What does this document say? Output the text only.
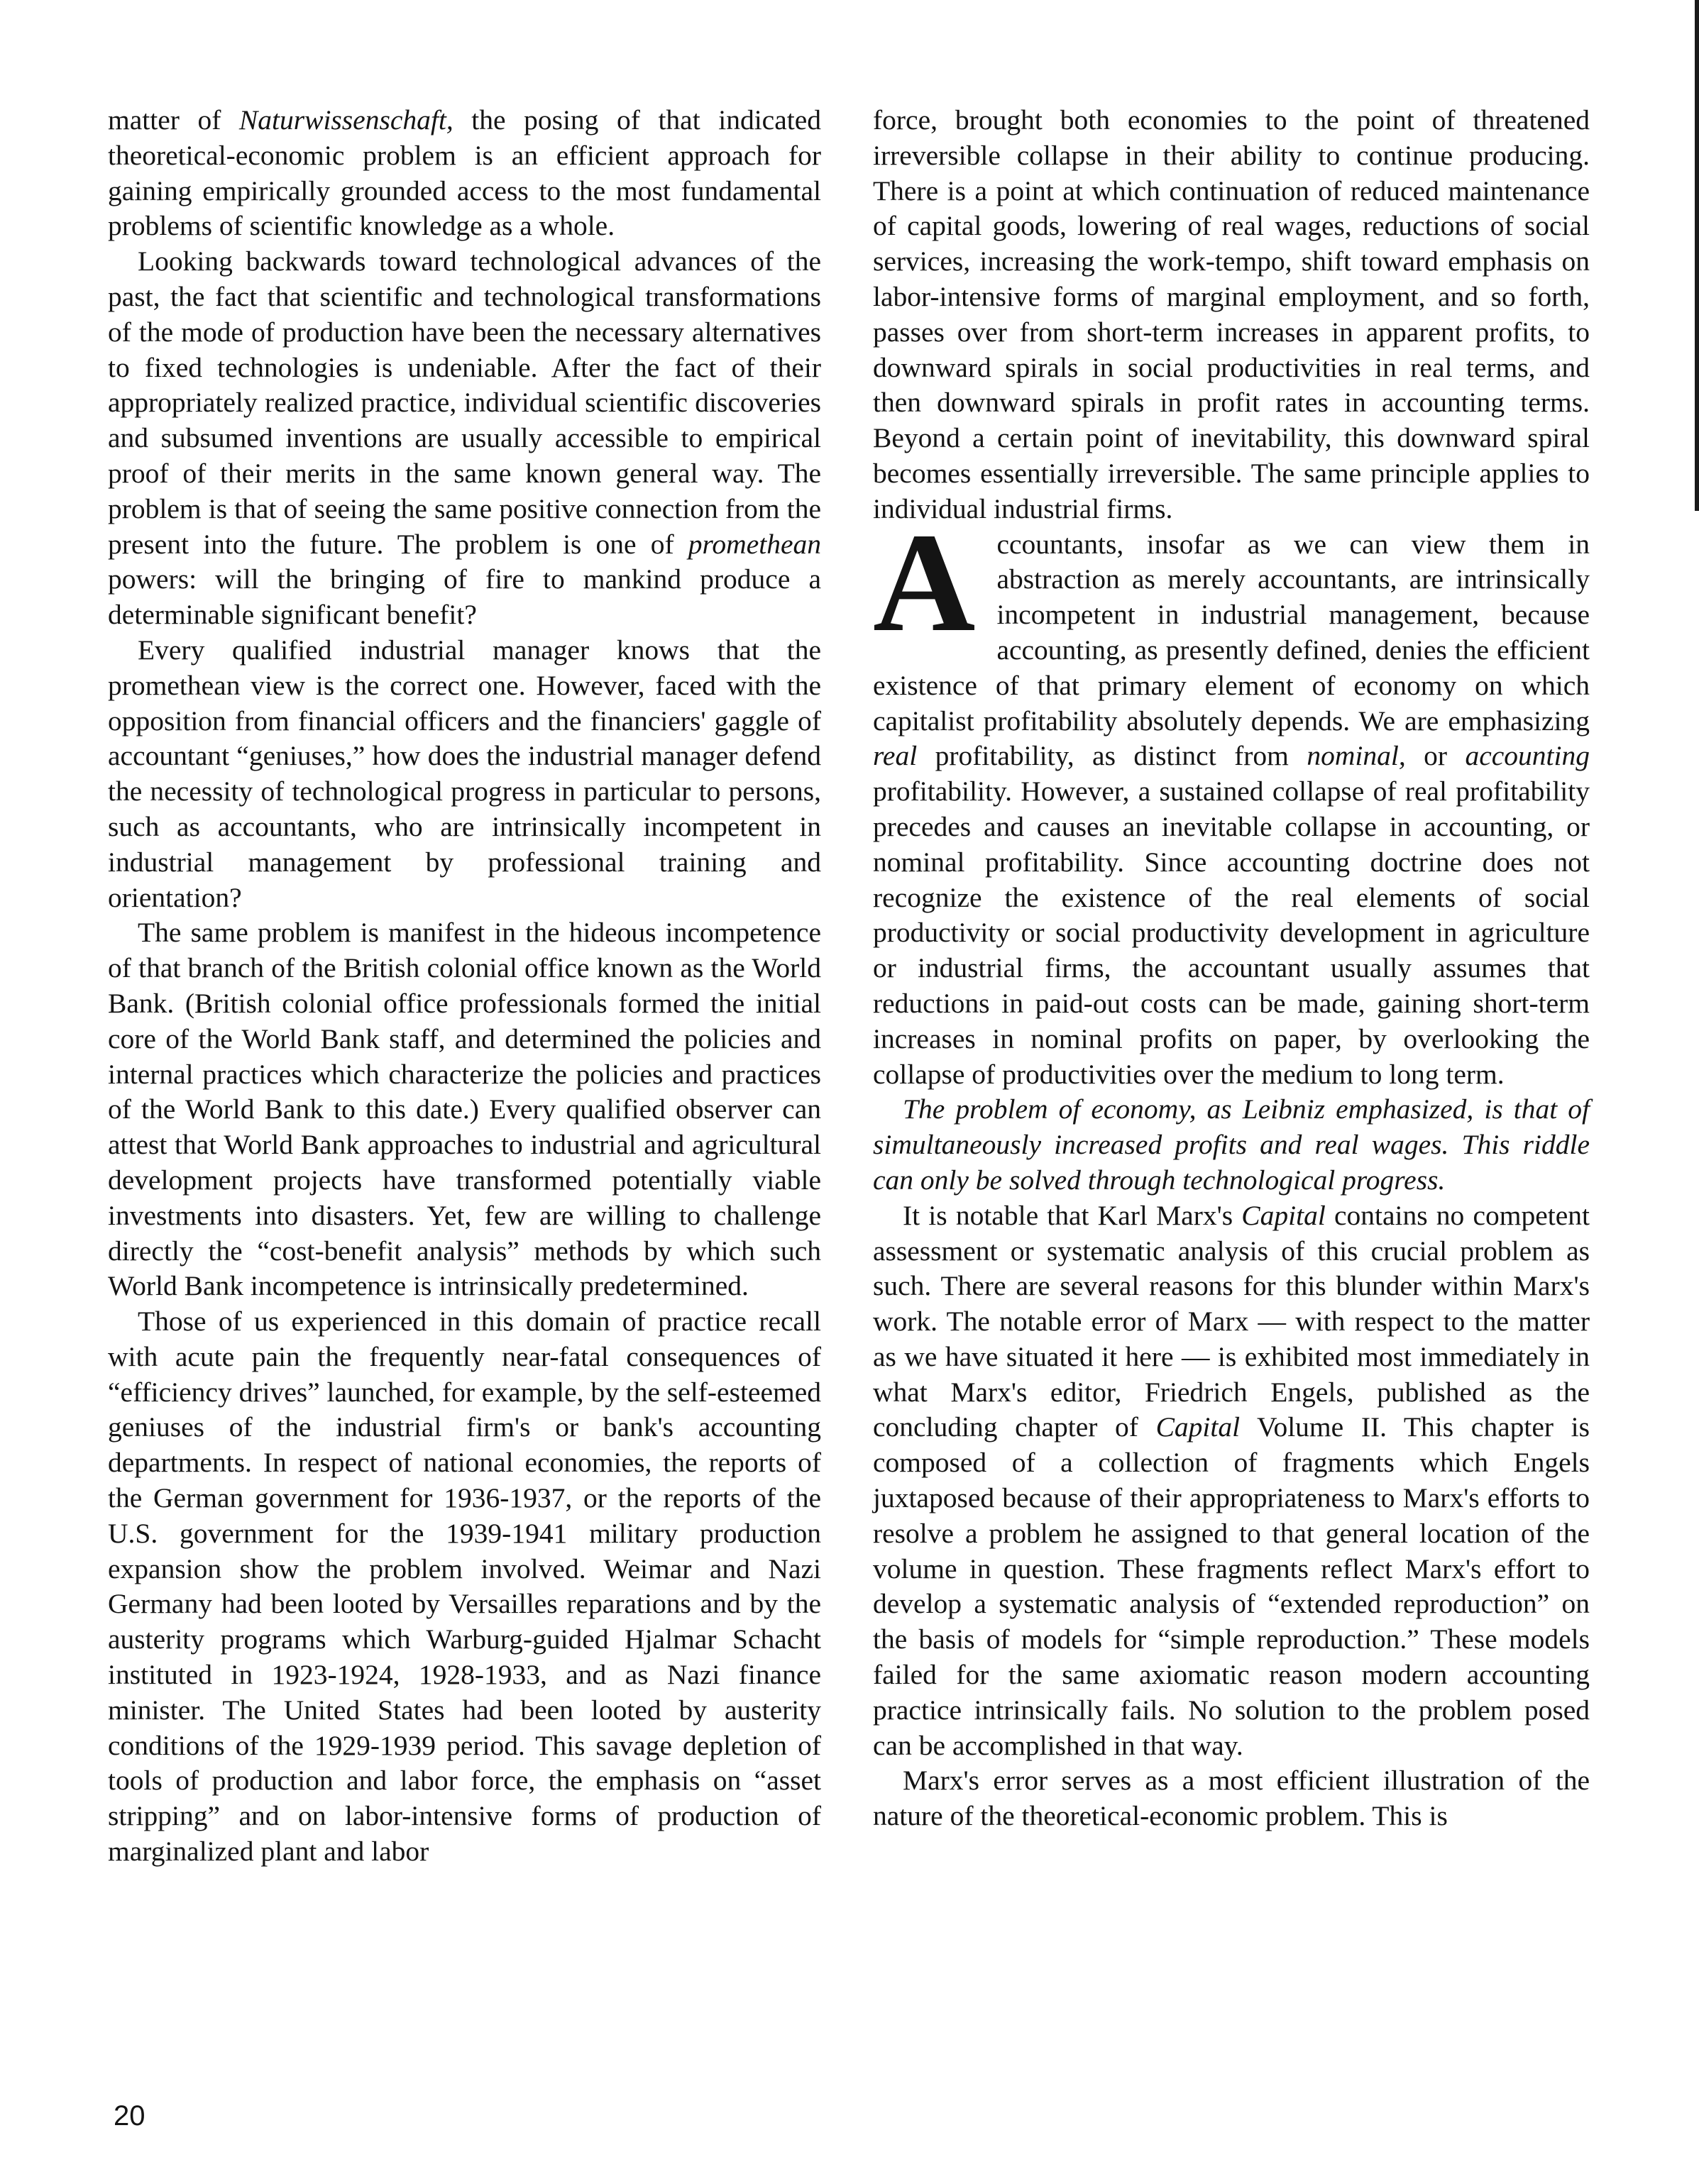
matter of Naturwissenschaft, the posing of that indicated theoretical-economic problem is an efficient approach for gaining empirically grounded access to the most fundamental problems of scientific knowledge as a whole.

Looking backwards toward technological advances of the past, the fact that scientific and technological transformations of the mode of production have been the necessary alternatives to fixed technologies is undeniable. After the fact of their appropriately realized practice, individual scientific discoveries and subsumed inventions are usually accessible to empirical proof of their merits in the same known general way. The problem is that of seeing the same positive connection from the present into the future. The problem is one of promethean powers: will the bringing of fire to mankind produce a determinable significant benefit?

Every qualified industrial manager knows that the promethean view is the correct one. However, faced with the opposition from financial officers and the financiers' gaggle of accountant “geniuses,” how does the industrial manager defend the necessity of technological progress in particular to persons, such as accountants, who are intrinsically incompetent in industrial management by professional training and orientation?

The same problem is manifest in the hideous incompetence of that branch of the British colonial office known as the World Bank. (British colonial office professionals formed the initial core of the World Bank staff, and determined the policies and internal practices which characterize the policies and practices of the World Bank to this date.) Every qualified observer can attest that World Bank approaches to industrial and agricultural development projects have transformed potentially viable investments into disasters. Yet, few are willing to challenge directly the “cost-benefit analysis” methods by which such World Bank incompetence is intrinsically predetermined.

Those of us experienced in this domain of practice recall with acute pain the frequently near-fatal consequences of “efficiency drives” launched, for example, by the self-esteemed geniuses of the industrial firm's or bank's accounting departments. In respect of national economies, the reports of the German government for 1936-1937, or the reports of the U.S. government for the 1939-1941 military production expansion show the problem involved. Weimar and Nazi Germany had been looted by Versailles reparations and by the austerity programs which Warburg-guided Hjalmar Schacht instituted in 1923-1924, 1928-1933, and as Nazi finance minister. The United States had been looted by austerity conditions of the 1929-1939 period. This savage depletion of tools of production and labor force, the emphasis on “asset stripping” and on labor-intensive forms of production of marginalized plant and labor

force, brought both economies to the point of threatened irreversible collapse in their ability to continue producing. There is a point at which continuation of reduced maintenance of capital goods, lowering of real wages, reductions of social services, increasing the work-tempo, shift toward emphasis on labor-intensive forms of marginal employment, and so forth, passes over from short-term increases in apparent profits, to downward spirals in social productivities in real terms, and then downward spirals in profit rates in accounting terms. Beyond a certain point of inevitability, this downward spiral becomes essentially irreversible. The same principle applies to individual industrial firms.

Accountants, insofar as we can view them in abstraction as merely accountants, are intrinsically incompetent in industrial management, because accounting, as presently defined, denies the efficient existence of that primary element of economy on which capitalist profitability absolutely depends. We are emphasizing real profitability, as distinct from nominal, or accounting profitability. However, a sustained collapse of real profitability precedes and causes an inevitable collapse in accounting, or nominal profitability. Since accounting doctrine does not recognize the existence of the real elements of social productivity or social productivity development in agriculture or industrial firms, the accountant usually assumes that reductions in paid-out costs can be made, gaining short-term increases in nominal profits on paper, by overlooking the collapse of productivities over the medium to long term.

The problem of economy, as Leibniz emphasized, is that of simultaneously increased profits and real wages. This riddle can only be solved through technological progress.

It is notable that Karl Marx's Capital contains no competent assessment or systematic analysis of this crucial problem as such. There are several reasons for this blunder within Marx's work. The notable error of Marx — with respect to the matter as we have situated it here — is exhibited most immediately in what Marx's editor, Friedrich Engels, published as the concluding chapter of Capital Volume II. This chapter is composed of a collection of fragments which Engels juxtaposed because of their appropriateness to Marx's efforts to resolve a problem he assigned to that general location of the volume in question. These fragments reflect Marx's effort to develop a systematic analysis of “extended reproduction” on the basis of models for “simple reproduction.” These models failed for the same axiomatic reason modern accounting practice intrinsically fails. No solution to the problem posed can be accomplished in that way.

Marx's error serves as a most efficient illustration of the nature of the theoretical-economic problem. This is

20
